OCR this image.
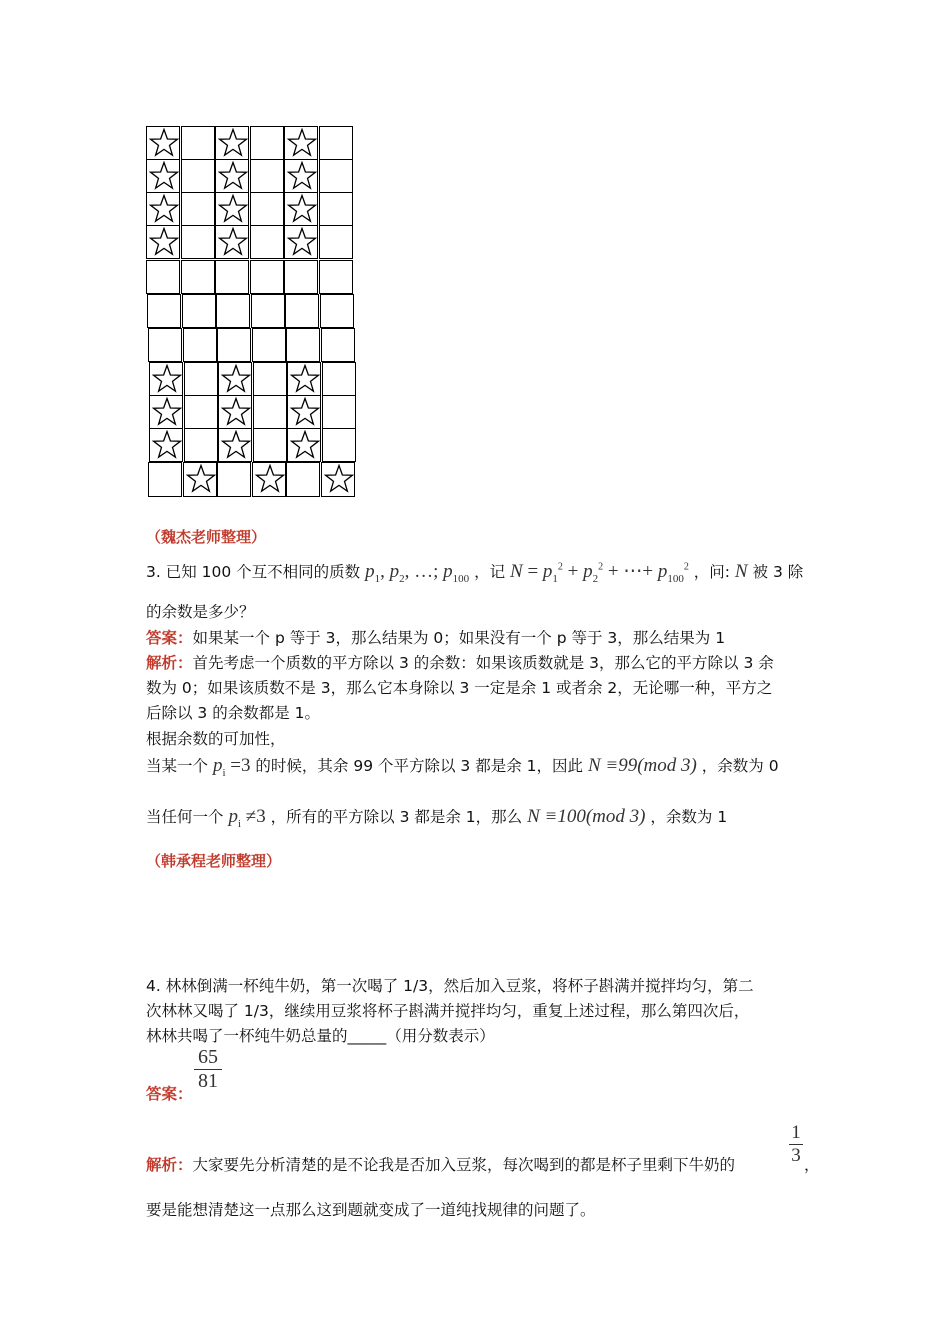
（魏杰老师整理）
3. 已知 100 个互不相同的质数 $p_1$, $p_2$, …; $p_{100}$ ，记 $N = p_1^2 + p_2^2$ + ⋯+ $p_{100}^2$ ，问: N 被 3 除
的余数是多少？
答案：如果某一个 p 等于 3，那么结果为 0；如果没有一个 p 等于 3，那么结果为 1
解析：首先考虑一个质数的平方除以 3 的余数：如果该质数就是 3，那么它的平方除以 3 余
数为 0；如果该质数不是 3，那么它本身除以 3 一定是余 1 或者余 2，无论哪一种，平方之
后除以 3 的余数都是 1。
根据余数的可加性，
当某一个 $p_i =3$ 的时候，其余 99 个平方除以 3 都是余 1，因此 N ≡99(mod 3) ，余数为 0
当任何一个 $p_i \ne 3$ ，所有的平方除以 3 都是余 1，那么 N ≡100(mod 3) ，余数为 1
（韩承程老师整理）
4. 林林倒满一杯纯牛奶，第一次喝了 1/3，然后加入豆浆，将杯子斟满并搅拌均匀，第二
次林林又喝了 1/3，继续用豆浆将杯子斟满并搅拌均匀，重复上述过程，那么第四次后，
林林共喝了一杯纯牛奶总量的_____（用分数表示）
答案：
$\frac{65}{81}$
解析：大家要先分析清楚的是不论我是否加入豆浆，每次喝到的都是杯子里剩下牛奶的	$\frac{1}{3}$ ，
要是能想清楚这一点那么这到题就变成了一道纯找规律的问题了。
